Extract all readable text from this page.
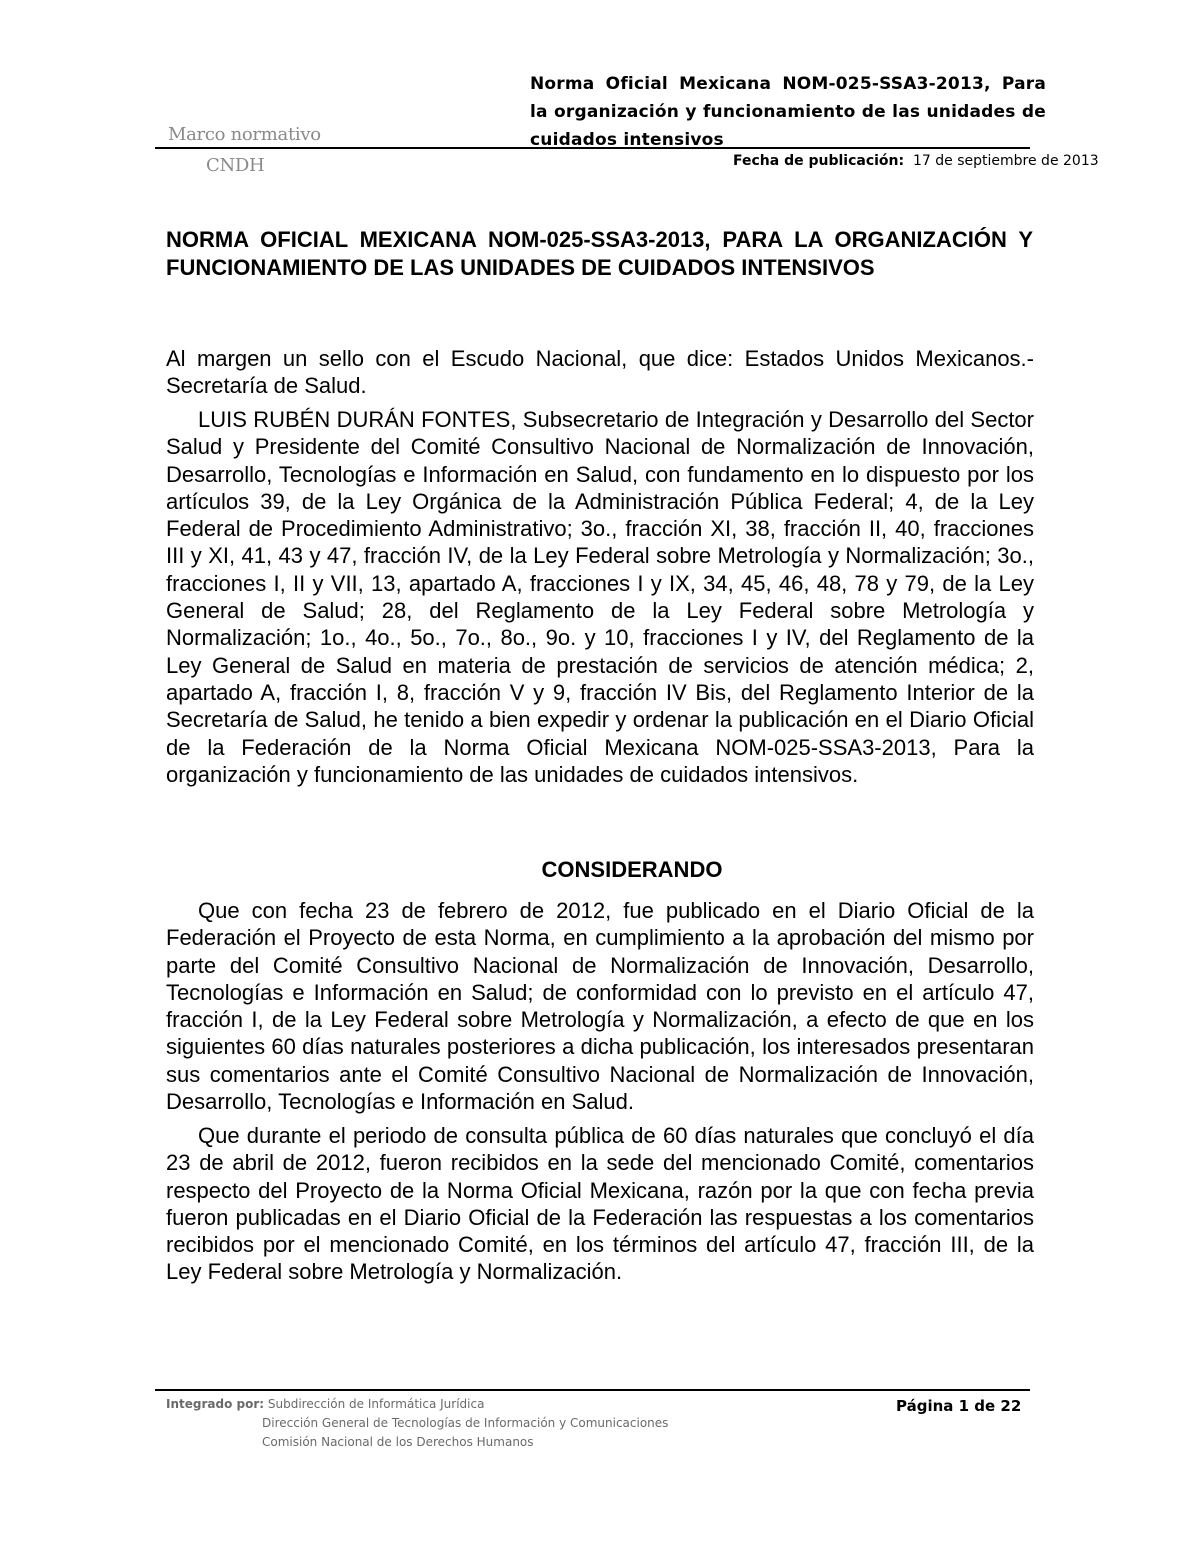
Marco normativo
CNDH
Norma Oficial Mexicana NOM-025-SSA3-2013, Para la organización y funcionamiento de las unidades de cuidados intensivos
Fecha de publicación: 17 de septiembre de 2013
NORMA OFICIAL MEXICANA NOM-025-SSA3-2013, PARA LA ORGANIZACIÓN Y FUNCIONAMIENTO DE LAS UNIDADES DE CUIDADOS INTENSIVOS

Al margen un sello con el Escudo Nacional, que dice: Estados Unidos Mexicanos.- Secretaría de Salud.

LUIS RUBÉN DURÁN FONTES, Subsecretario de Integración y Desarrollo del Sector Salud y Presidente del Comité Consultivo Nacional de Normalización de Innovación, Desarrollo, Tecnologías e Información en Salud, con fundamento en lo dispuesto por los artículos 39, de la Ley Orgánica de la Administración Pública Federal; 4, de la Ley Federal de Procedimiento Administrativo; 3o., fracción XI, 38, fracción II, 40, fracciones III y XI, 41, 43 y 47, fracción IV, de la Ley Federal sobre Metrología y Normalización; 3o., fracciones I, II y VII, 13, apartado A, fracciones I y IX, 34, 45, 46, 48, 78 y 79, de la Ley General de Salud; 28, del Reglamento de la Ley Federal sobre Metrología y Normalización; 1o., 4o., 5o., 7o., 8o., 9o. y 10, fracciones I y IV, del Reglamento de la Ley General de Salud en materia de prestación de servicios de atención médica; 2, apartado A, fracción I, 8, fracción V y 9, fracción IV Bis, del Reglamento Interior de la Secretaría de Salud, he tenido a bien expedir y ordenar la publicación en el Diario Oficial de la Federación de la Norma Oficial Mexicana NOM-025-SSA3-2013, Para la organización y funcionamiento de las unidades de cuidados intensivos.

CONSIDERANDO

Que con fecha 23 de febrero de 2012, fue publicado en el Diario Oficial de la Federación el Proyecto de esta Norma, en cumplimiento a la aprobación del mismo por parte del Comité Consultivo Nacional de Normalización de Innovación, Desarrollo, Tecnologías e Información en Salud; de conformidad con lo previsto en el artículo 47, fracción I, de la Ley Federal sobre Metrología y Normalización, a efecto de que en los siguientes 60 días naturales posteriores a dicha publicación, los interesados presentaran sus comentarios ante el Comité Consultivo Nacional de Normalización de Innovación, Desarrollo, Tecnologías e Información en Salud.

Que durante el periodo de consulta pública de 60 días naturales que concluyó el día 23 de abril de 2012, fueron recibidos en la sede del mencionado Comité, comentarios respecto del Proyecto de la Norma Oficial Mexicana, razón por la que con fecha previa fueron publicadas en el Diario Oficial de la Federación las respuestas a los comentarios recibidos por el mencionado Comité, en los términos del artículo 47, fracción III, de la Ley Federal sobre Metrología y Normalización.

Integrado por: Subdirección de Informática Jurídica
Dirección General de Tecnologías de Información y Comunicaciones
Comisión Nacional de los Derechos Humanos
Página 1 de 22
